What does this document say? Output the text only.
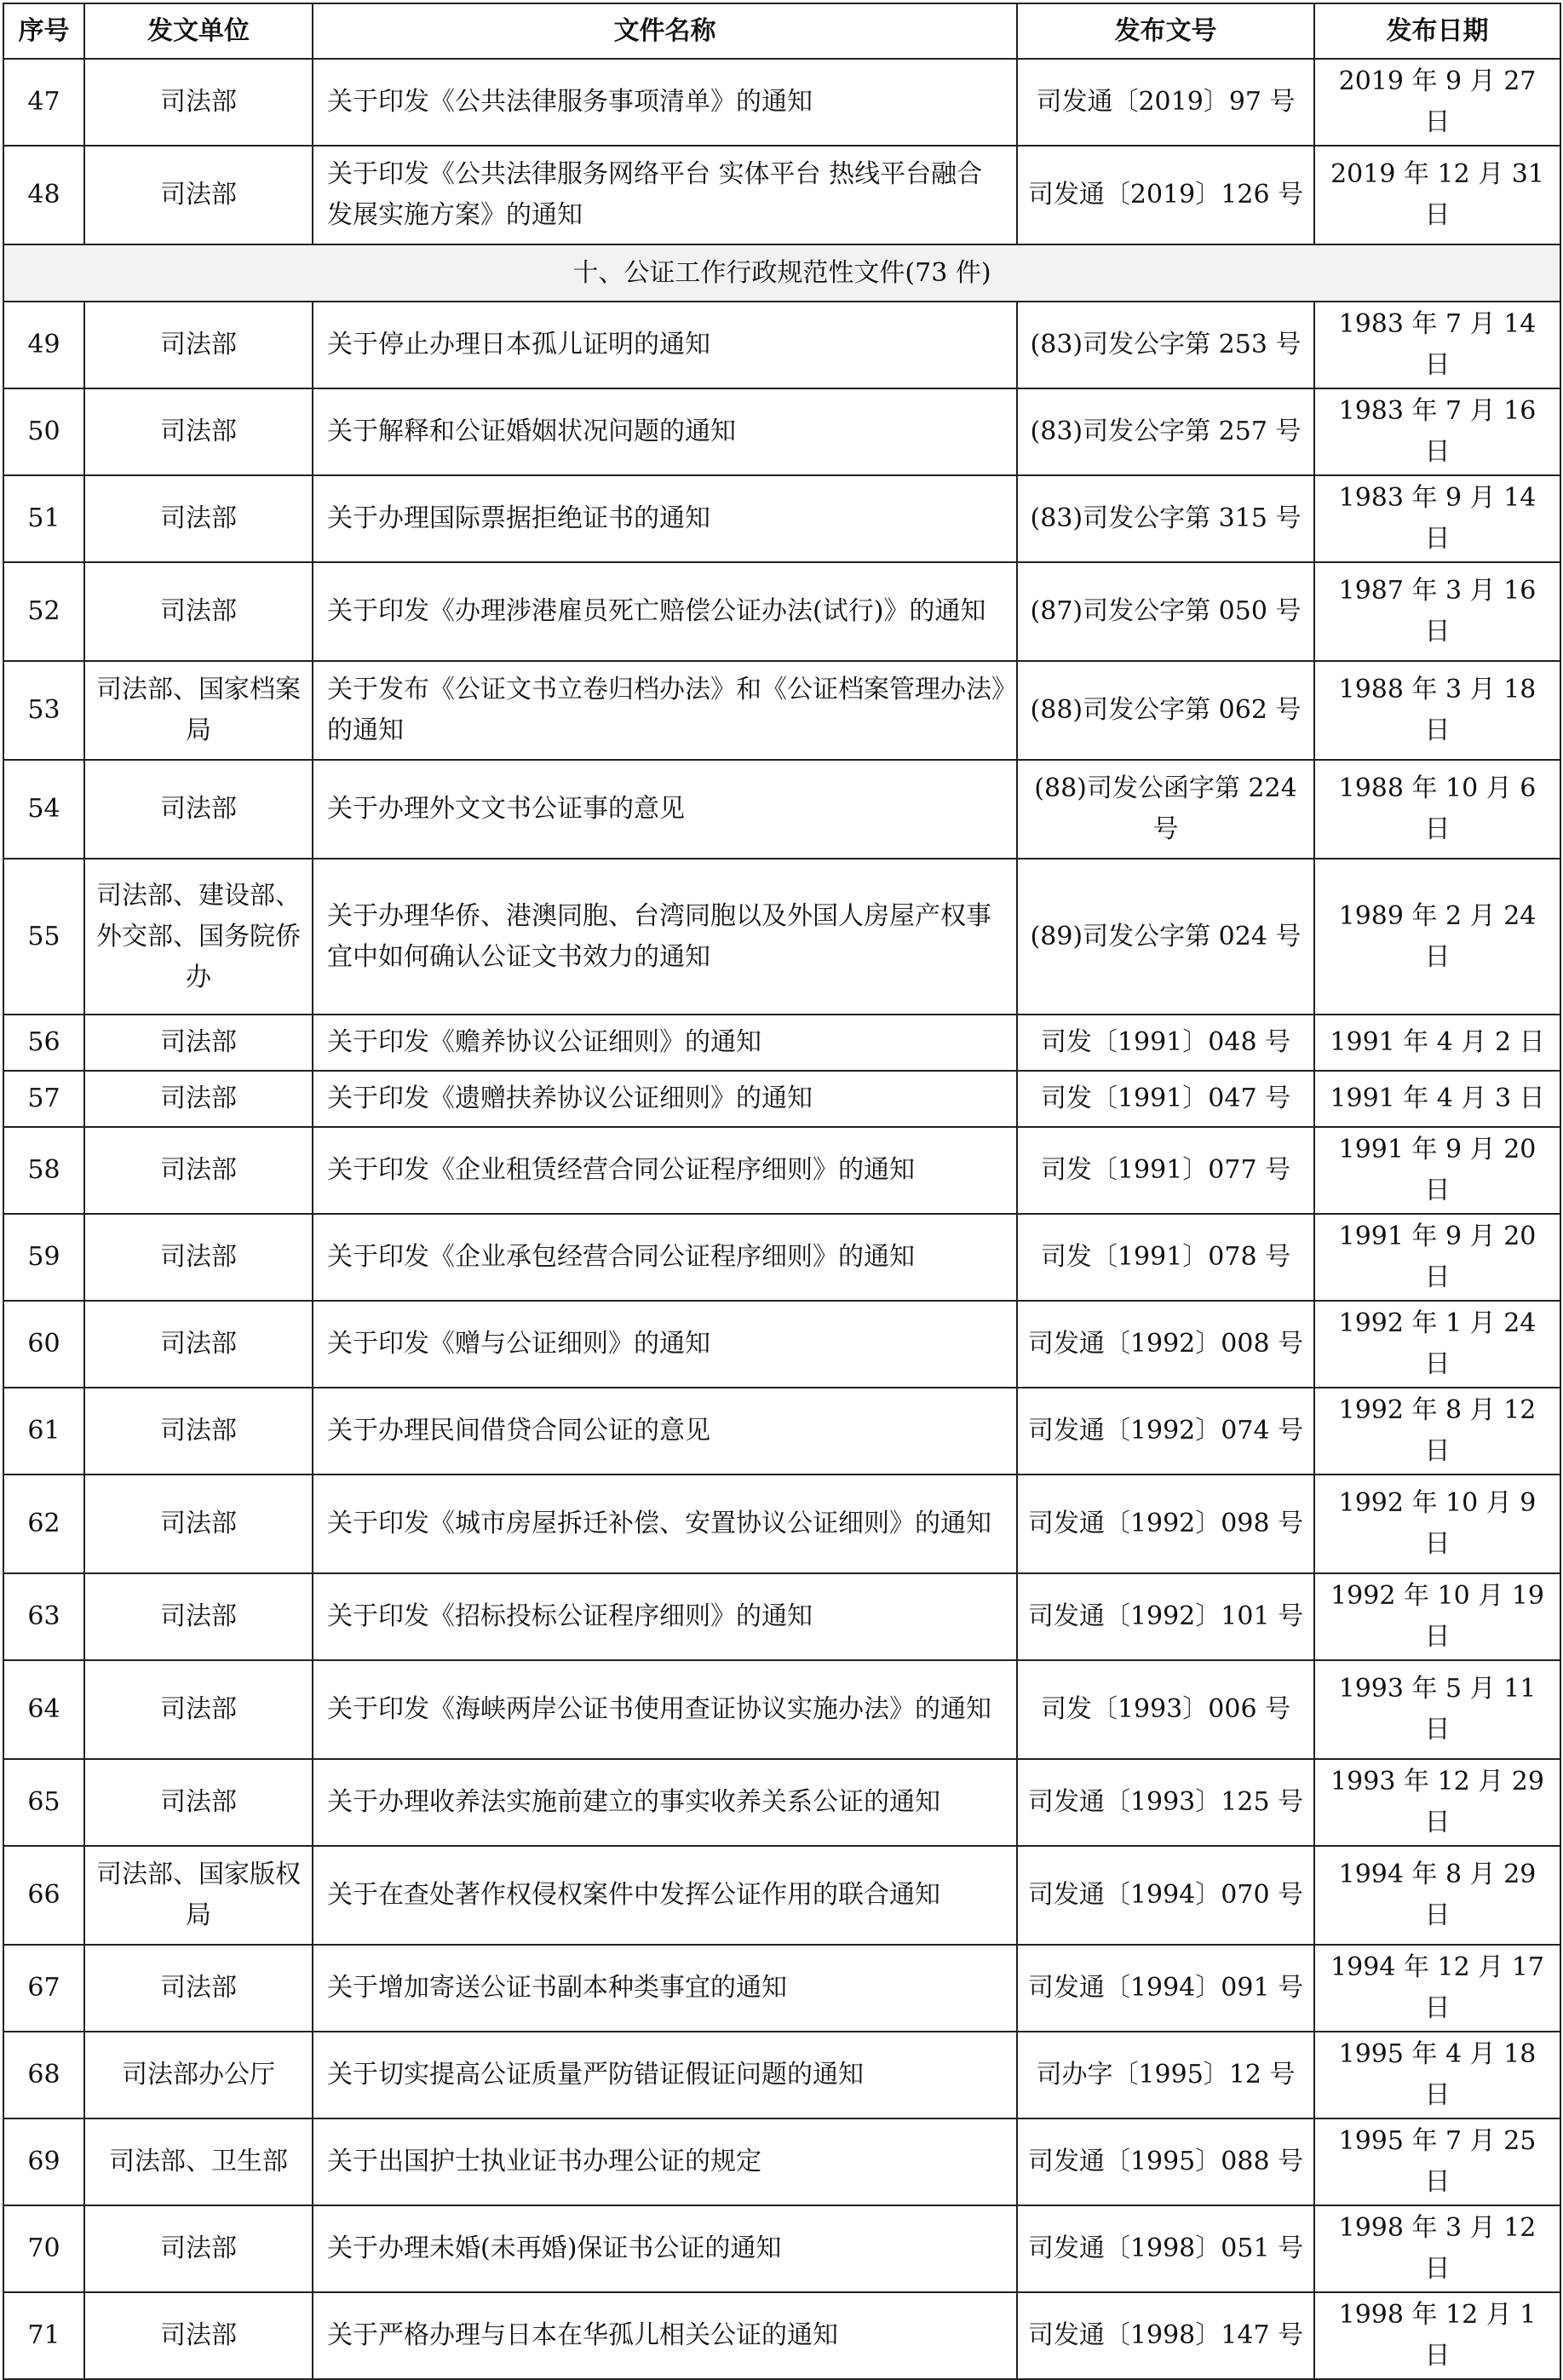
序号	发文单位	文件名称	发布文号	发布日期
47	司法部	关于印发《公共法律服务事项清单》的通知	司发通〔2019〕97 号	2019 年 9 月 27 日
48	司法部	关于印发《公共法律服务网络平台 实体平台 热线平台融合发展实施方案》的通知	司发通〔2019〕126 号	2019 年 12 月 31 日
十、公证工作行政规范性文件(73 件)				
49	司法部	关于停止办理日本孤儿证明的通知	(83)司发公字第 253 号	1983 年 7 月 14 日
50	司法部	关于解释和公证婚姻状况问题的通知	(83)司发公字第 257 号	1983 年 7 月 16 日
51	司法部	关于办理国际票据拒绝证书的通知	(83)司发公字第 315 号	1983 年 9 月 14 日
52	司法部	关于印发《办理涉港雇员死亡赔偿公证办法(试行)》的通知	(87)司发公字第 050 号	1987 年 3 月 16 日
53	司法部、国家档案局	关于发布《公证文书立卷归档办法》和《公证档案管理办法》的通知	(88)司发公字第 062 号	1988 年 3 月 18 日
54	司法部	关于办理外文文书公证事的意见	(88)司发公函字第 224 号	1988 年 10 月 6 日
55	司法部、建设部、外交部、国务院侨办	关于办理华侨、港澳同胞、台湾同胞以及外国人房屋产权事宜中如何确认公证文书效力的通知	(89)司发公字第 024 号	1989 年 2 月 24 日
56	司法部	关于印发《赡养协议公证细则》的通知	司发〔1991〕048 号	1991 年 4 月 2 日
57	司法部	关于印发《遗赠扶养协议公证细则》的通知	司发〔1991〕047 号	1991 年 4 月 3 日
58	司法部	关于印发《企业租赁经营合同公证程序细则》的通知	司发〔1991〕077 号	1991 年 9 月 20 日
59	司法部	关于印发《企业承包经营合同公证程序细则》的通知	司发〔1991〕078 号	1991 年 9 月 20 日
60	司法部	关于印发《赠与公证细则》的通知	司发通〔1992〕008 号	1992 年 1 月 24 日
61	司法部	关于办理民间借贷合同公证的意见	司发通〔1992〕074 号	1992 年 8 月 12 日
62	司法部	关于印发《城市房屋拆迁补偿、安置协议公证细则》的通知	司发通〔1992〕098 号	1992 年 10 月 9 日
63	司法部	关于印发《招标投标公证程序细则》的通知	司发通〔1992〕101 号	1992 年 10 月 19 日
64	司法部	关于印发《海峡两岸公证书使用查证协议实施办法》的通知	司发〔1993〕006 号	1993 年 5 月 11 日
65	司法部	关于办理收养法实施前建立的事实收养关系公证的通知	司发通〔1993〕125 号	1993 年 12 月 29 日
66	司法部、国家版权局	关于在查处著作权侵权案件中发挥公证作用的联合通知	司发通〔1994〕070 号	1994 年 8 月 29 日
67	司法部	关于增加寄送公证书副本种类事宜的通知	司发通〔1994〕091 号	1994 年 12 月 17 日
68	司法部办公厅	关于切实提高公证质量严防错证假证问题的通知	司办字〔1995〕12 号	1995 年 4 月 18 日
69	司法部、卫生部	关于出国护士执业证书办理公证的规定	司发通〔1995〕088 号	1995 年 7 月 25 日
70	司法部	关于办理未婚(未再婚)保证书公证的通知	司发通〔1998〕051 号	1998 年 3 月 12 日
71	司法部	关于严格办理与日本在华孤儿相关公证的通知	司发通〔1998〕147 号	1998 年 12 月 1 日
